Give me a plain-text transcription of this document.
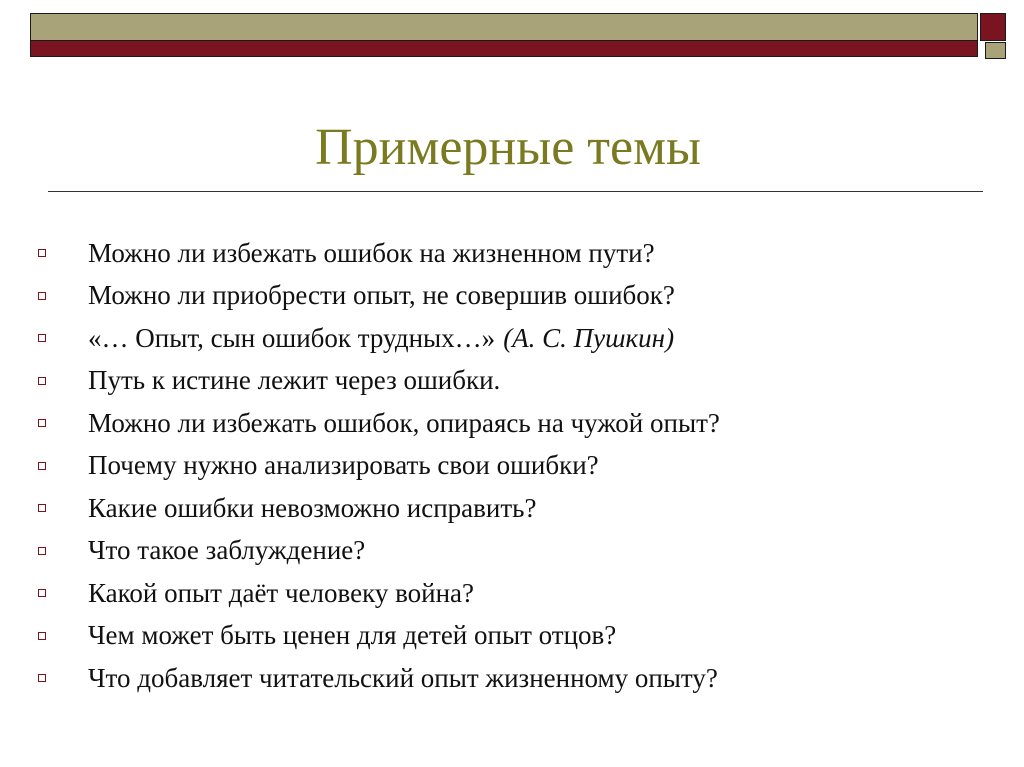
Примерные темы
Можно ли избежать ошибок на жизненном пути?
Можно ли приобрести опыт, не совершив ошибок?
«… Опыт, сын ошибок трудных…» (А. С. Пушкин)
Путь к истине лежит через ошибки.
Можно ли избежать ошибок, опираясь на чужой опыт?
Почему нужно анализировать свои ошибки?
Какие ошибки невозможно исправить?
Что такое заблуждение?
Какой опыт даёт человеку война?
Чем может быть ценен для детей опыт отцов?
Что добавляет читательский опыт жизненному опыту?
